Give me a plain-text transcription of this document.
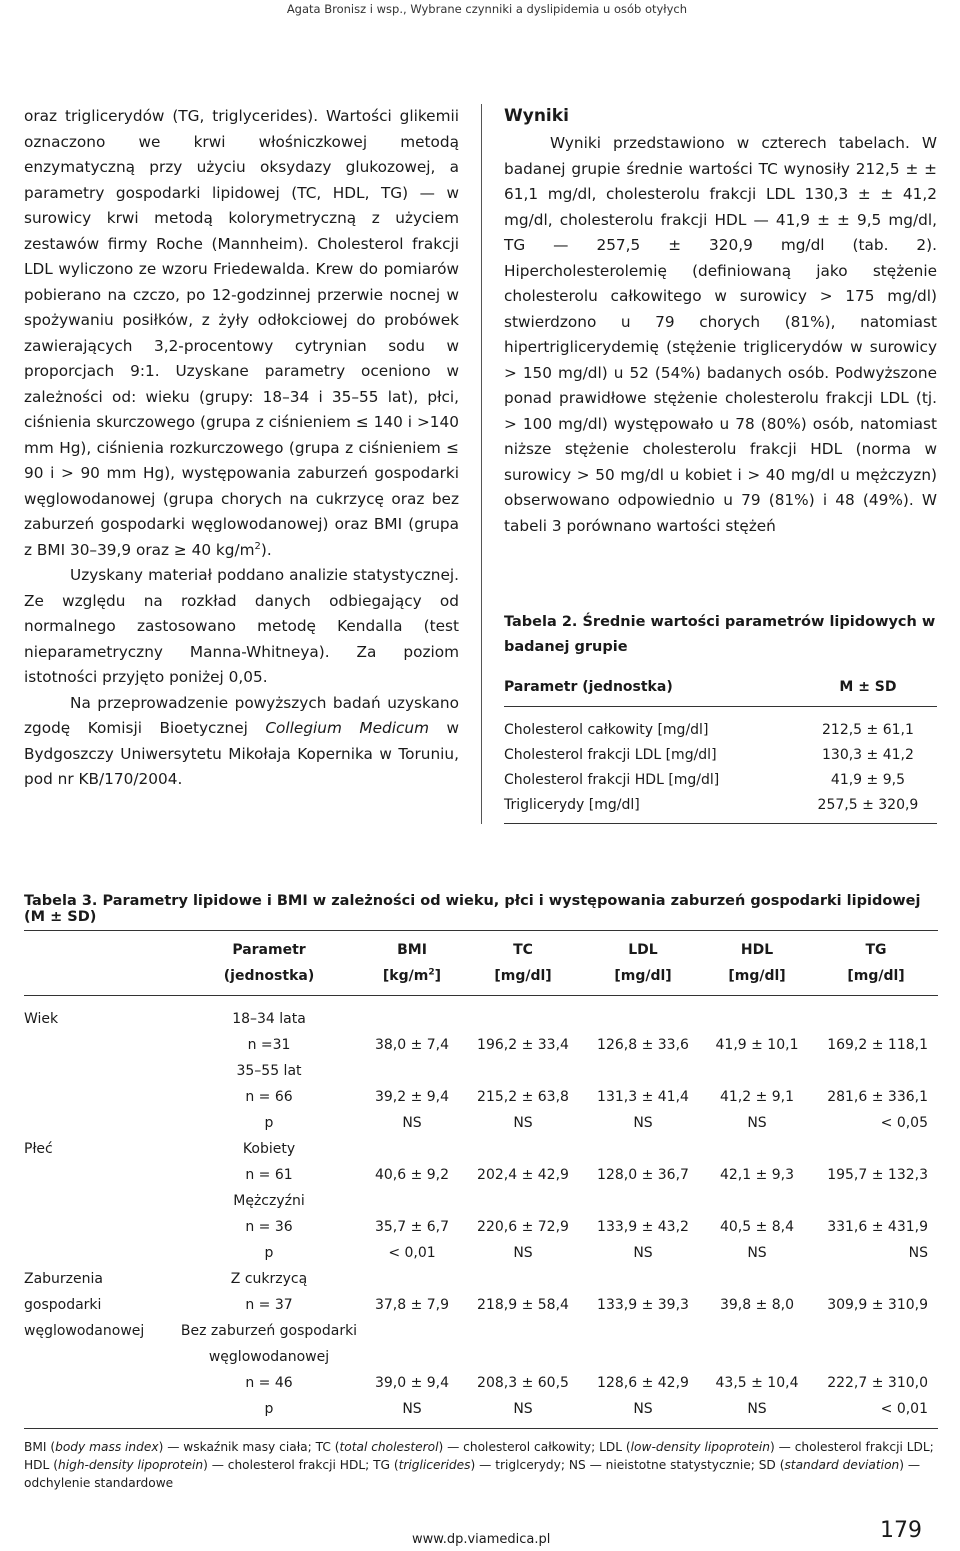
Agata Bronisz i wsp., Wybrane czynniki a dyslipidemia u osób otyłych

oraz triglicerydów (TG, triglycerides). Wartości glikemii oznaczono we krwi włośniczkowej metodą enzymatyczną przy użyciu oksydazy glukozowej, a parametry gospodarki lipidowej (TC, HDL, TG) — w surowicy krwi metodą kolorymetryczną z użyciem zestawów firmy Roche (Mannheim). Cholesterol frakcji LDL wyliczono ze wzoru Friedewalda. Krew do pomiarów pobierano na czczo, po 12-godzinnej przerwie nocnej w spożywaniu posiłków, z żyły odłokciowej do probówek zawierających 3,2-procentowy cytrynian sodu w proporcjach 9:1. Uzyskane parametry oceniono w zależności od: wieku (grupy: 18–34 i 35–55 lat), płci, ciśnienia skurczowego (grupa z ciśnieniem ≤ 140 i >140 mm Hg), ciśnienia rozkurczowego (grupa z ciśnieniem ≤ 90 i > 90 mm Hg), występowania zaburzeń gospodarki węglowodanowej (grupa chorych na cukrzycę oraz bez zaburzeń gospodarki węglowodanowej) oraz BMI (grupa z BMI 30–39,9 oraz ≥ 40 $kg/m^2$).

Uzyskany materiał poddano analizie statystycznej. Ze względu na rozkład danych odbiegający od normalnego zastosowano metodę Kendalla (test nieparametryczny Manna-Whitneya). Za poziom istotności przyjęto poniżej 0,05.

Na przeprowadzenie powyższych badań uzyskano zgodę Komisji Bioetycznej Collegium Medicum w Bydgoszczy Uniwersytetu Mikołaja Kopernika w Toruniu, pod nr KB/170/2004.

Wyniki

Wyniki przedstawiono w czterech tabelach. W badanej grupie średnie wartości TC wynosiły 212,5 ± ± 61,1 mg/dl, cholesterolu frakcji LDL 130,3 ± ± 41,2 mg/dl, cholesterolu frakcji HDL — 41,9 ± ± 9,5 mg/dl, TG — 257,5 ± 320,9 mg/dl (tab. 2). Hipercholesterolemię (definiowaną jako stężenie cholesterolu całkowitego w surowicy > 175 mg/dl) stwierdzono u 79 chorych (81%), natomiast hipertriglicerydemię (stężenie triglicerydów w surowicy > 150 mg/dl) u 52 (54%) badanych osób. Podwyższone ponad prawidłowe stężenie cholesterolu frakcji LDL (tj. > 100 mg/dl) występowało u 78 (80%) osób, natomiast niższe stężenie cholesterolu frakcji HDL (norma w surowicy > 50 mg/dl u kobiet i > 40 mg/dl u mężczyzn) obserwowano odpowiednio u 79 (81%) i 48 (49%). W tabeli 3 porównano wartości stężeń

Tabela 2. Średnie wartości parametrów lipidowych w badanej grupie
Parametr (jednostka)	M ± SD
Cholesterol całkowity [mg/dl]	212,5 ± 61,1
Cholesterol frakcji LDL [mg/dl]	130,3 ± 41,2
Cholesterol frakcji HDL [mg/dl]	41,9 ± 9,5
Triglicerydy [mg/dl]	257,5 ± 320,9
Tabela 3. Parametry lipidowe i BMI w zależności od wieku, płci i występowania zaburzeń gospodarki lipidowej (M ± SD)
	Parametr	BMI	TC	LDL	HDL	TG
	(jednostka)	$[kg/m^2]$	[mg/dl]	[mg/dl]	[mg/dl]	[mg/dl]
Wiek	18–34 lata					
	n =31	38,0 ± 7,4	196,2 ± 33,4	126,8 ± 33,6	41,9 ± 10,1	169,2 ± 118,1
	35–55 lat					
	n = 66	39,2 ± 9,4	215,2 ± 63,8	131,3 ± 41,4	41,2 ± 9,1	281,6 ± 336,1
	p	NS	NS	NS	NS	< 0,05
Płeć	Kobiety					
	n = 61	40,6 ± 9,2	202,4 ± 42,9	128,0 ± 36,7	42,1 ± 9,3	195,7 ± 132,3
	Mężczyźni					
	n = 36	35,7 ± 6,7	220,6 ± 72,9	133,9 ± 43,2	40,5 ± 8,4	331,6 ± 431,9
	p	< 0,01	NS	NS	NS	NS
Zaburzenia	Z cukrzycą					
gospodarki	n = 37	37,8 ± 7,9	218,9 ± 58,4	133,9 ± 39,3	39,8 ± 8,0	309,9 ± 310,9
węglowodanowej	Bez zaburzeń gospodarki					
	węglowodanowej					
	n = 46	39,0 ± 9,4	208,3 ± 60,5	128,6 ± 42,9	43,5 ± 10,4	222,7 ± 310,0
	p	NS	NS	NS	NS	< 0,01
BMI (body mass index) — wskaźnik masy ciała; TC (total cholesterol) — cholesterol całkowity; LDL (low-density lipoprotein) — cholesterol frakcji LDL; HDL (high-density lipoprotein) — cholesterol frakcji HDL; TG (triglicerides) — triglcerydy; NS — nieistotne statystycznie; SD (standard deviation) — odchylenie standardowe
www.dp.viamedica.pl	179
